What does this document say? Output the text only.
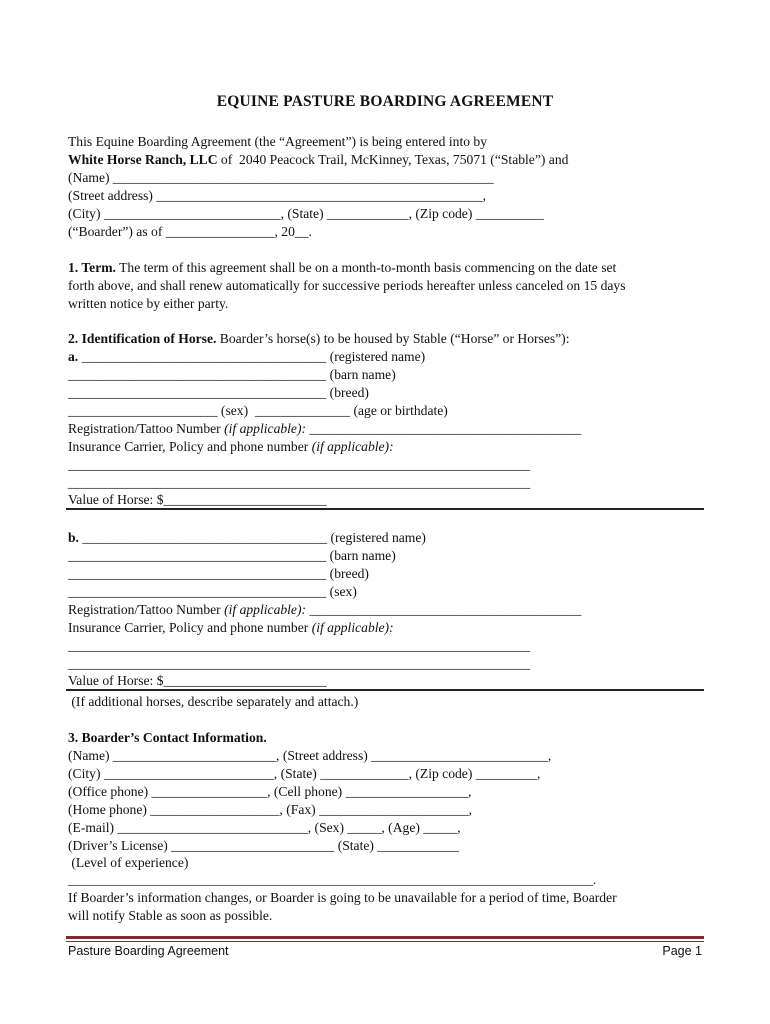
EQUINE PASTURE BOARDING AGREEMENT
This Equine Boarding Agreement (the “Agreement”) is being entered into by
White Horse Ranch, LLC of  2040 Peacock Trail, McKinney, Texas, 75071 (“Stable”) and
(Name) ________________________________________________________
(Street address) ________________________________________________,
(City) __________________________, (State) ____________, (Zip code) __________
(“Boarder”) as of ________________, 20__.
1. Term. The term of this agreement shall be on a month-to-month basis commencing on the date set
forth above, and shall renew automatically for successive periods hereafter unless canceled on 15 days
written notice by either party.
2. Identification of Horse. Boarder’s horse(s) to be housed by Stable (“Horse” or Horses”):
a. ____________________________________ (registered name)
______________________________________ (barn name)
______________________________________ (breed)
______________________ (sex)  ______________ (age or birthdate)
Registration/Tattoo Number (if applicable): ________________________________________
Insurance Carrier, Policy and phone number (if applicable):
____________________________________________________________________
____________________________________________________________________
Value of Horse: $________________________
b. ____________________________________ (registered name)
______________________________________ (barn name)
______________________________________ (breed)
______________________________________ (sex)
Registration/Tattoo Number (if applicable): ________________________________________
Insurance Carrier, Policy and phone number (if applicable):
____________________________________________________________________
____________________________________________________________________
Value of Horse: $________________________
(If additional horses, describe separately and attach.)
3. Boarder’s Contact Information.
(Name) ________________________, (Street address) __________________________,
(City) _________________________, (State) _____________, (Zip code) _________,
(Office phone) _________________, (Cell phone) __________________,
(Home phone) ___________________, (Fax) ______________________,
(E-mail) ____________________________, (Sex) _____, (Age) _____,
(Driver’s License) ________________________ (State) ____________
(Level of experience)
____________________________________________________________________________________.
If Boarder’s information changes, or Boarder is going to be unavailable for a period of time, Boarder
will notify Stable as soon as possible.
Pasture Boarding Agreement	Page 1
